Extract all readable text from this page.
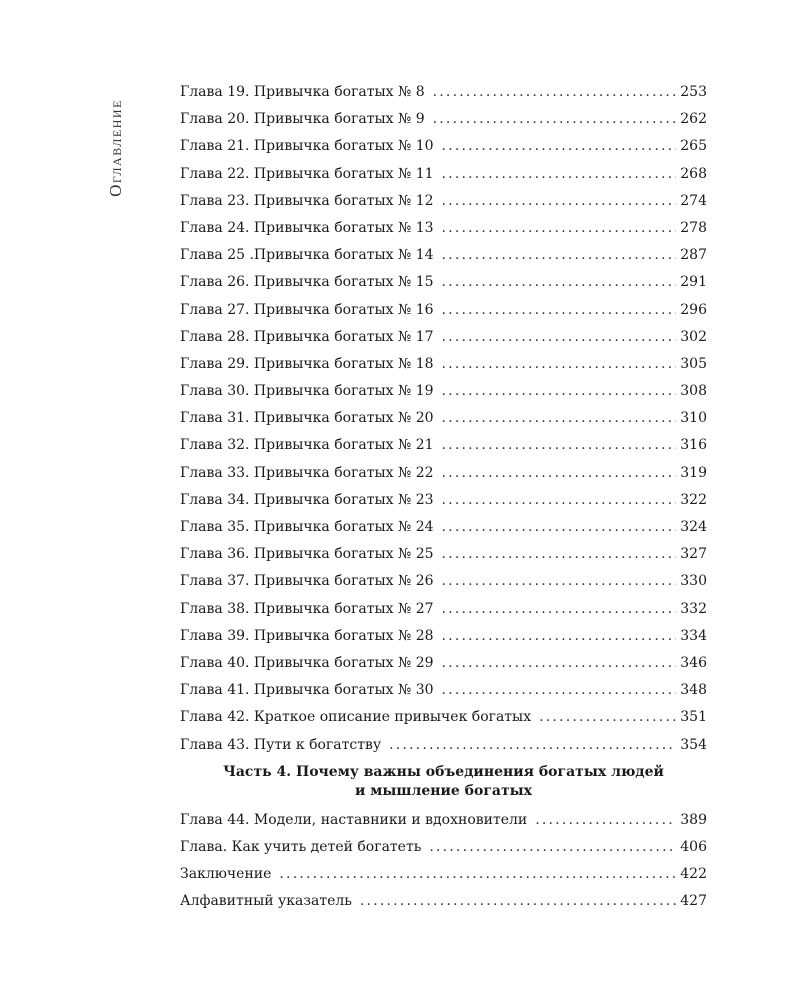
Оглавление
Глава 19. Привычка богатых № 8 .....	253
Глава 20. Привычка богатых № 9 .....	262
Глава 21. Привычка богатых № 10 .....	265
Глава 22. Привычка богатых № 11 .....	268
Глава 23. Привычка богатых № 12 .....	274
Глава 24. Привычка богатых № 13 .....	278
Глава 25 .Привычка богатых № 14 .....	287
Глава 26. Привычка богатых № 15 .....	291
Глава 27. Привычка богатых № 16 .....	296
Глава 28. Привычка богатых № 17 .....	302
Глава 29. Привычка богатых № 18 .....	305
Глава 30. Привычка богатых № 19 .....	308
Глава 31. Привычка богатых № 20 .....	310
Глава 32. Привычка богатых № 21 .....	316
Глава 33. Привычка богатых № 22 .....	319
Глава 34. Привычка богатых № 23 .....	322
Глава 35. Привычка богатых № 24 .....	324
Глава 36. Привычка богатых № 25 .....	327
Глава 37. Привычка богатых № 26 .....	330
Глава 38. Привычка богатых № 27 .....	332
Глава 39. Привычка богатых № 28 .....	334
Глава 40. Привычка богатых № 29 .....	346
Глава 41. Привычка богатых № 30 .....	348
Глава 42. Краткое описание привычек богатых .....	351
Глава 43. Пути к богатству .....	354
Часть 4. Почему важны объединения богатых людей
и мышление богатых
Глава 44. Модели, наставники и вдохновители .....	389
Глава. Как учить детей богатеть .....	406
Заключение .....	422
Алфавитный указатель .....	427
